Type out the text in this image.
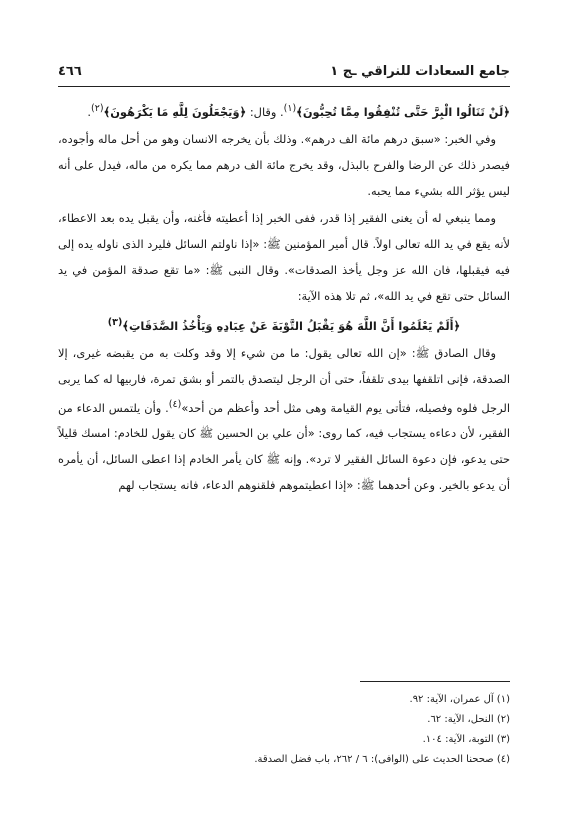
جامع السعادات للنراقي ـج ١
٤٦٦

﴿لَنْ تَنَالُوا الْبِرَّ حَتَّى تُنْفِقُوا مِمَّا تُحِبُّونَ﴾$^{(١)}$. وقال: ﴿وَيَجْعَلُونَ لِلَّهِ مَا يَكْرَهُونَ﴾$^{(٢)}$.

وفي الخبر: «سبق درهم مائة الف درهم». وذلك بأن يخرجه الانسان وهو من أحل ماله وأجوده، فيصدر ذلك عن الرضا والفرح بالبذل، وقد يخرج مائة الف درهم مما يكره من ماله، فيدل على أنه ليس يؤثر الله بشيء مما يحبه.

ومما ينبغي له أن يغنى الفقير إذا قدر، ففى الخبر إذا أعطيته فأغنه، وأن يقبل يده بعد الاعطاء، لأنه يقع في يد الله تعالى اولاً. قال أمير المؤمنين ﷺ: «إذا ناولتم السائل فليرد الذى ناوله يده إلى فيه فيقبلها، فان الله عز وجل يأخذ الصدقات». وقال النبى ﷺ: «ما تقع صدقة المؤمن في يد السائل حتى تقع في يد الله»، ثم تلا هذه الآية:

﴿أَلَمْ يَعْلَمُوا أَنَّ اللَّهَ هُوَ يَقْبَلُ التَّوْبَةَ عَنْ عِبَادِهِ وَيَأْخُذُ الصَّدَقَاتِ﴾$^{(٣)}$

وقال الصادق ﷺ: «إن الله تعالى يقول: ما من شيء إلا وقد وكلت به من يقبضه غيرى، إلا الصدقة، فإنى اتلقفها بيدى تلقفاً، حتى أن الرجل ليتصدق بالتمر أو بشق تمرة، فاربيها له كما يربى الرجل فلوه وفصيله، فتأتى يوم القيامة وهى مثل أحد وأعظم من أحد»$^{(٤)}$. وأن يلتمس الدعاء من الفقير، لأن دعاءه يستجاب فيه، كما روى: «أن علي بن الحسين ﷺ كان يقول للخادم: امسك قليلاً حتى يدعو، فإن دعوة السائل الفقير لا ترد». وإنه ﷺ كان يأمر الخادم إذا اعطى السائل، أن يأمره أن يدعو بالخير. وعن أحدهما ﷺ: «إذا اعطيتموهم فلقنوهم الدعاء، فانه يستجاب لهم

(١) آل عمران، الآية: ٩٢.
(٢) النحل، الآية: ٦٢.
(٣) التوبة، الآية: ١٠٤.
(٤) صححنا الحديث على (الوافى): ٦ / ٢٦٢، باب فضل الصدقة.
